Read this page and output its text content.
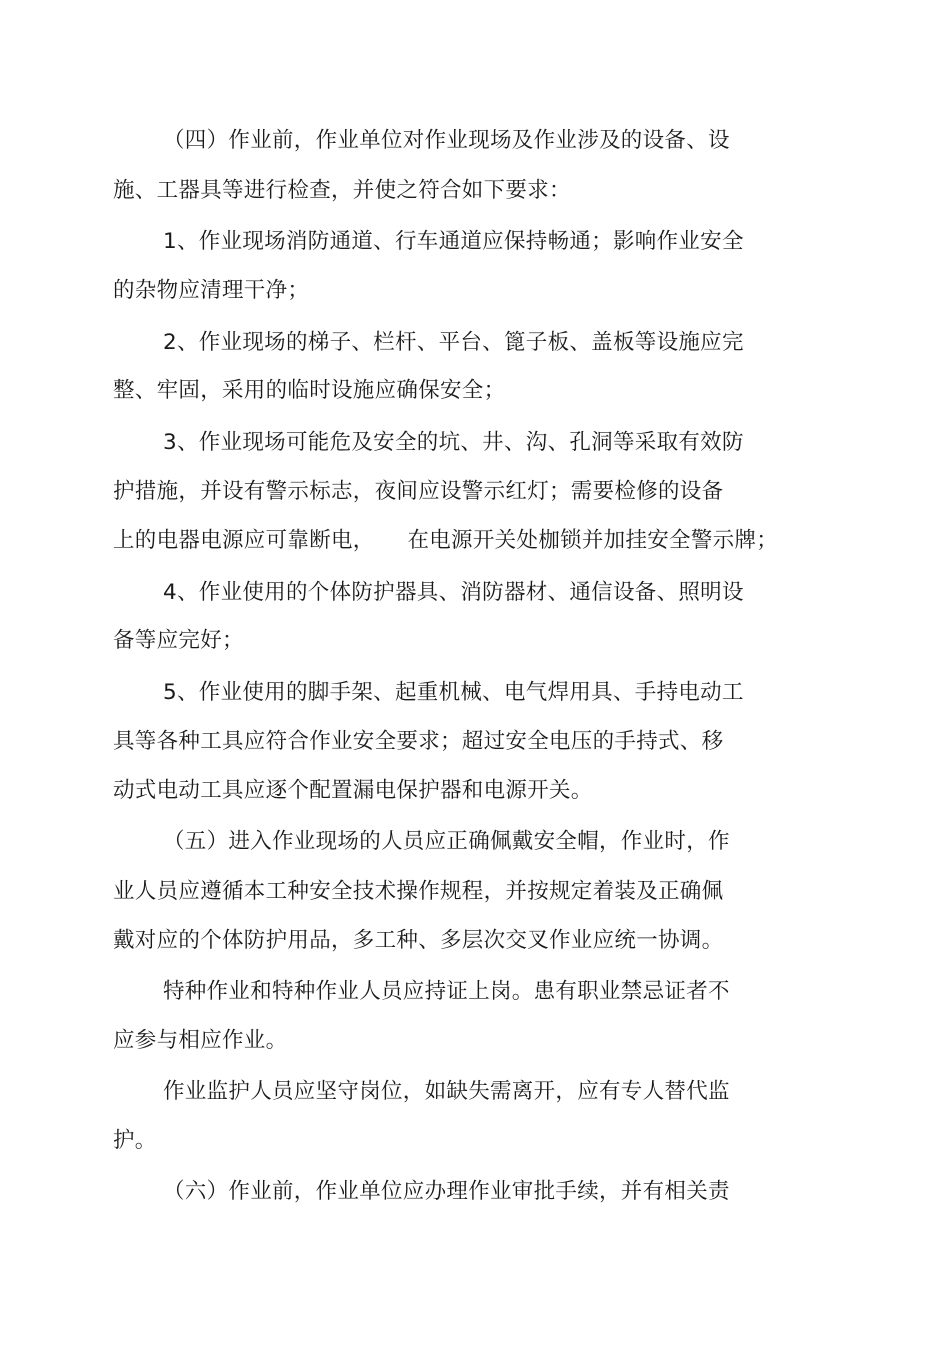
（四）作业前，作业单位对作业现场及作业涉及的设备、设
施、工器具等进行检查，并使之符合如下要求：
1、作业现场消防通道、行车通道应保持畅通；影响作业安全
的杂物应清理干净；
2、作业现场的梯子、栏杆、平台、篦子板、盖板等设施应完
整、牢固，采用的临时设施应确保安全；
3、作业现场可能危及安全的坑、井、沟、孔洞等采取有效防
护措施，并设有警示标志，夜间应设警示红灯；需要检修的设备
上的电器电源应可靠断电，　　在电源开关处枷锁并加挂安全警示牌；
4、作业使用的个体防护器具、消防器材、通信设备、照明设
备等应完好；
5、作业使用的脚手架、起重机械、电气焊用具、手持电动工
具等各种工具应符合作业安全要求；超过安全电压的手持式、移
动式电动工具应逐个配置漏电保护器和电源开关。
（五）进入作业现场的人员应正确佩戴安全帽，作业时，作
业人员应遵循本工种安全技术操作规程，并按规定着装及正确佩
戴对应的个体防护用品，多工种、多层次交叉作业应统一协调。
特种作业和特种作业人员应持证上岗。患有职业禁忌证者不
应参与相应作业。
作业监护人员应坚守岗位，如缺失需离开，应有专人替代监
护。
（六）作业前，作业单位应办理作业审批手续，并有相关责
